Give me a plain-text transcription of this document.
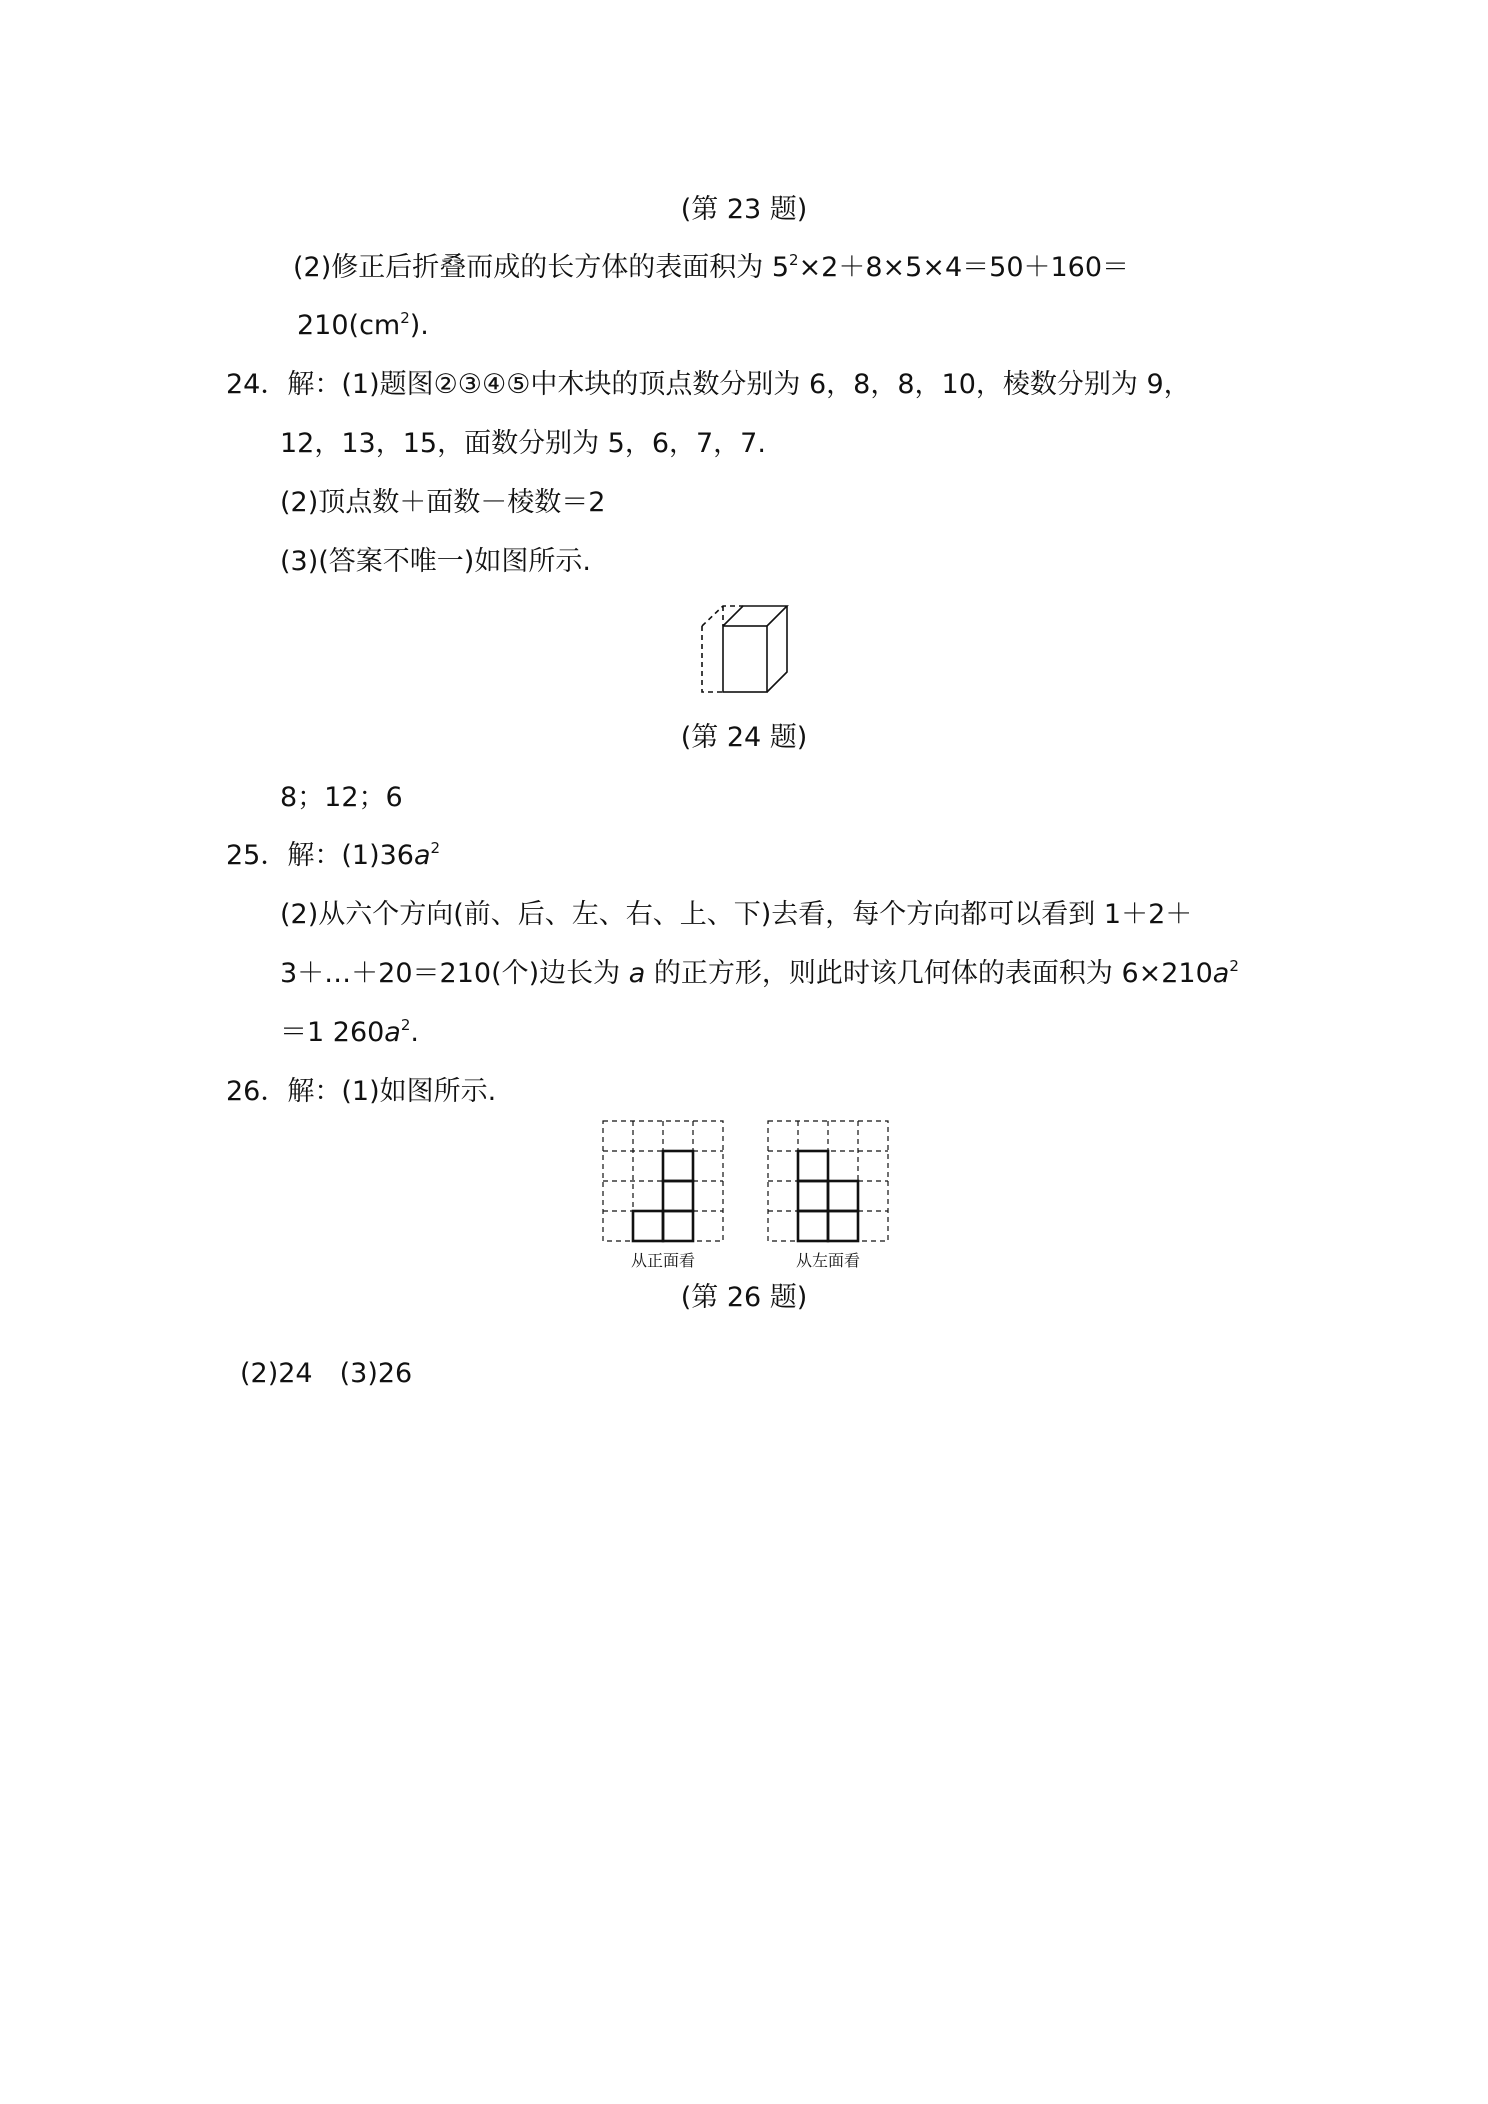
(第 23 题)
(2)修正后折叠而成的长方体的表面积为 $5^2\times 2+8\times 5\times 4=50+160=$
$210(cm^2)$.
24．解：(1)题图②③④⑤中木块的顶点数分别为 6，8，8，10，棱数分别为 9，
12，13，15，面数分别为 5，6，7，7.
(2)顶点数＋面数－棱数＝2
(3)(答案不唯一)如图所示.
(第 24 题)
8；12；6
25．解：$(1)36a^2$
(2)从六个方向(前、后、左、右、上、下)去看，每个方向都可以看到 1＋2＋
3＋…＋20＝210(个)边长为 a 的正方形，则此时该几何体的表面积为 $6\times 210a^2$
＝1 $260a^2$.
26．解：(1)如图所示.
从正面看	从左面看
(第 26 题)
(2)24　(3)26
